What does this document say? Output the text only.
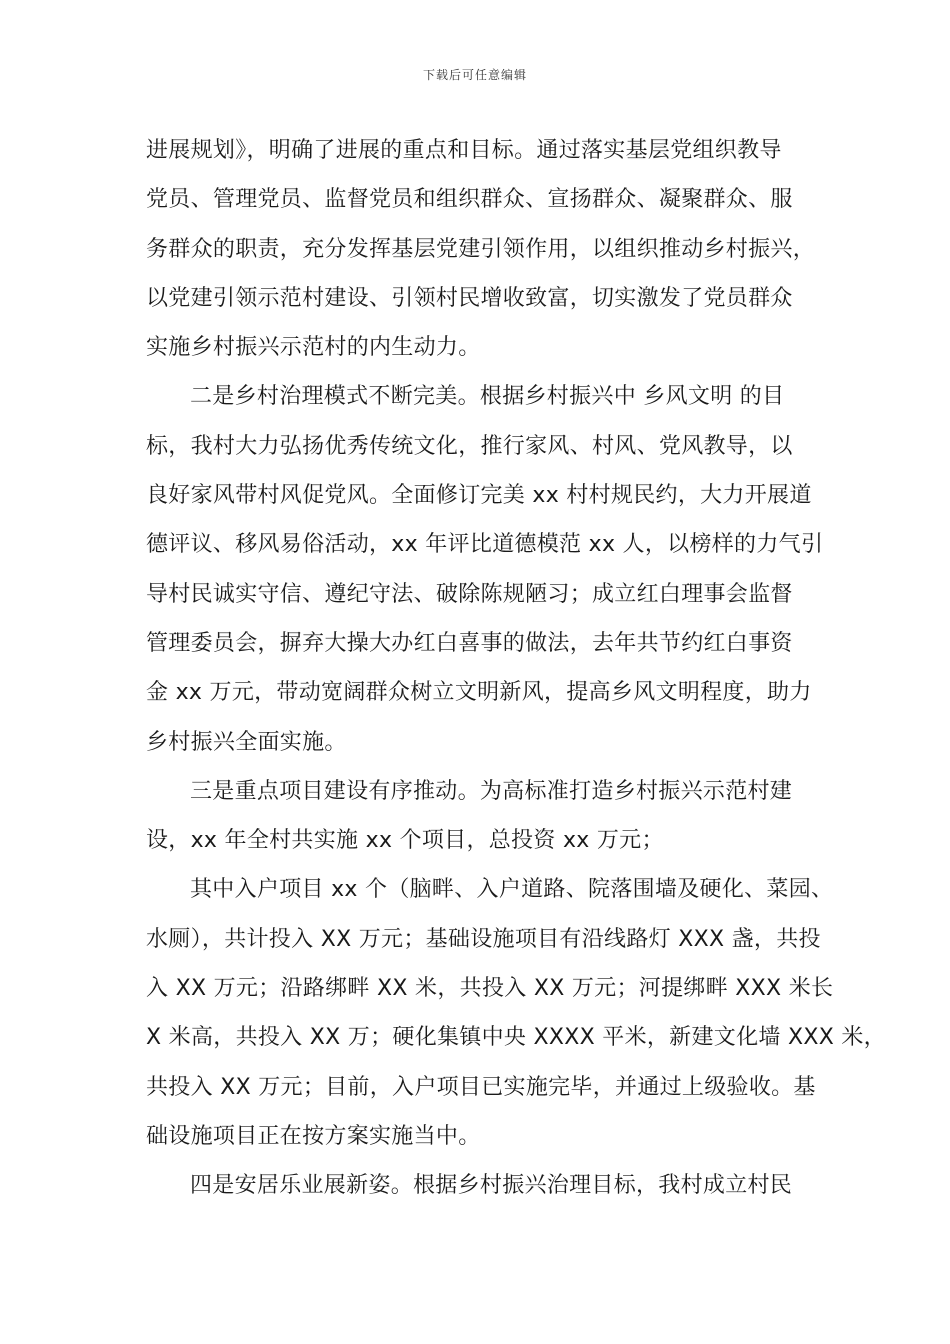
下载后可任意编辑
进展规划》，明确了进展的重点和目标。通过落实基层党组织教导
党员、管理党员、监督党员和组织群众、宣扬群众、凝聚群众、服
务群众的职责，充分发挥基层党建引领作用，以组织推动乡村振兴，
以党建引领示范村建设、引领村民增收致富，切实激发了党员群众
实施乡村振兴示范村的内生动力。
二是乡村治理模式不断完美。根据乡村振兴中 乡风文明 的目
标，我村大力弘扬优秀传统文化，推行家风、村风、党风教导，以
良好家风带村风促党风。全面修订完美 xx 村村规民约，大力开展道
德评议、移风易俗活动，xx 年评比道德模范 xx 人，以榜样的力气引
导村民诚实守信、遵纪守法、破除陈规陋习；成立红白理事会监督
管理委员会，摒弃大操大办红白喜事的做法，去年共节约红白事资
金 xx 万元，带动宽阔群众树立文明新风，提高乡风文明程度，助力
乡村振兴全面实施。
三是重点项目建设有序推动。为高标准打造乡村振兴示范村建
设，xx 年全村共实施 xx 个项目，总投资 xx 万元；
其中入户项目 xx 个（脑畔、入户道路、院落围墙及硬化、菜园、
水厕），共计投入 XX 万元；基础设施项目有沿线路灯 XXX 盏，共投
入 XX 万元；沿路绑畔 XX 米，共投入 XX 万元；河提绑畔 XXX 米长
X 米高，共投入 XX 万；硬化集镇中央 XXXX 平米，新建文化墙 XXX 米，
共投入 XX 万元；目前，入户项目已实施完毕，并通过上级验收。基
础设施项目正在按方案实施当中。
四是安居乐业展新姿。根据乡村振兴治理目标，我村成立村民
